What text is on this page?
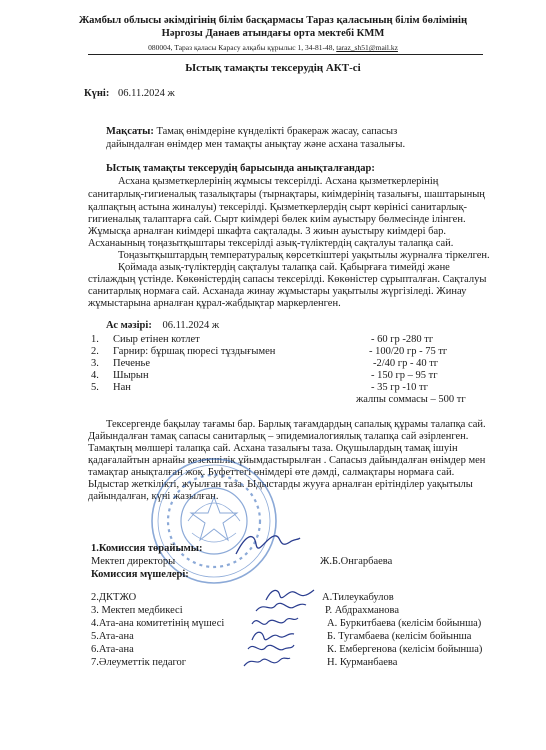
Жамбыл облысы әкімдігінің білім басқармасы Тараз қаласының білім бөлімінің
Нәргозы Данаев атындағы орта мектебі КММ
080004, Тараз қаласы Карасу алқабы құрылыс 1, 34-81-48, taraz_sh51@mail.kz
Ыстық тамақты тексерудің АКТ-сі
Күні: 06.11.2024 ж
Мақсаты: Тамақ өнімдеріне күнделікті бракераж жасау, сапасыз
дайындалған өнімдер мен тамақты анықтау және асхана тазалығы.
Ыстық тамақты тексерудің барысында анықталғандар:
Асхана қызметкерлерінің жұмысы тексерілді. Асхана қызметкерлерінің
санитарлық-гигиеналық тазалықтары (тырнақтары, киімдерінің тазалығы, шаштарының
қалпақтың астына жиналуы) тексерілді. Қызметкерлердің сырт көрінісі санитарлық-
гигиеналық талаптарға сай. Сырт киімдері бөлек киім ауыстыру бөлмесінде ілінген.
Жұмысқа арналған киімдері шкафта сақталады. 3 жиын ауыстыру киімдері бар.
Асханаының тоңазытқыштары тексерілді азық-түліктердің сақталуы талапқа сай.
Тоңазытқыштардың температуралық көрсеткіштері уақытылы журналға тіркелген.
Қоймада азық-түліктердің сақталуы талапқа сай. Қабырғаға тимейді және
стілаждың үстінде. Көкөністердің сапасы тексерілді. Көкөністер сұрыпталған. Сақталуы
санитарлық нормаға сай. Асханада жинау жұмыстары уақытылы жүргізіледі. Жинау
жұмыстарына арналған құрал-жабдықтар маркерленген.
Ас мәзірі: 06.11.2024 ж
1. Сиыр етінен котлет	- 60 гр -280 тг
2. Гарнир: бұршақ пюресі тұздығымен	- 100/20 гр - 75 тг
3. Печенье	-2/40 гр - 40 тг
4. Шырын	- 150 гр – 95 тг
5. Нан	- 35 гр -10 тг
жалпы соммасы – 500 тг
Тексергенде бақылау тағамы бар. Барлық тағамдардың сапалық құрамы талапқа сай.
Дайындалған тамақ сапасы санитарлық – эпидемиалогиялық талапқа сай әзірленген.
Тамақтың мөлшері талапқа сай. Асхана тазалығы таза. Оқушылардың тамақ ішуін
қадағалайтын арнайы кезекшілік ұйымдастырылған . Сапасыз дайындалған өнімдер мен
тамақтар анықталған жоқ. Буфеттегі өнімдері өте дәмді, салмақтары нормаға сай.
Ыдыстар жеткілікті, жуылған таза. Ыдыстарды жууға арналған ерітінділер уақытылы
дайындалған, күні жазылған.
1.Комиссия төрайымы:
Мектеп директоры	Ж.Б.Онгарбаева
Комиссия мүшелері:
2.ДКТЖО	А.Тилеукабулов
3. Мектеп медбикесі	Р. Абдрахманова
4.Ата-ана комитетінің мүшесі	А. Буркитбаева (келісім бойынша)
5.Ата-ана	Б. Тугамбаева (келісім бойынша
6.Ата-ана	К. Ембергенова (келісім бойынша)
7.Әлеуметтік педагог	Н. Курманбаева
